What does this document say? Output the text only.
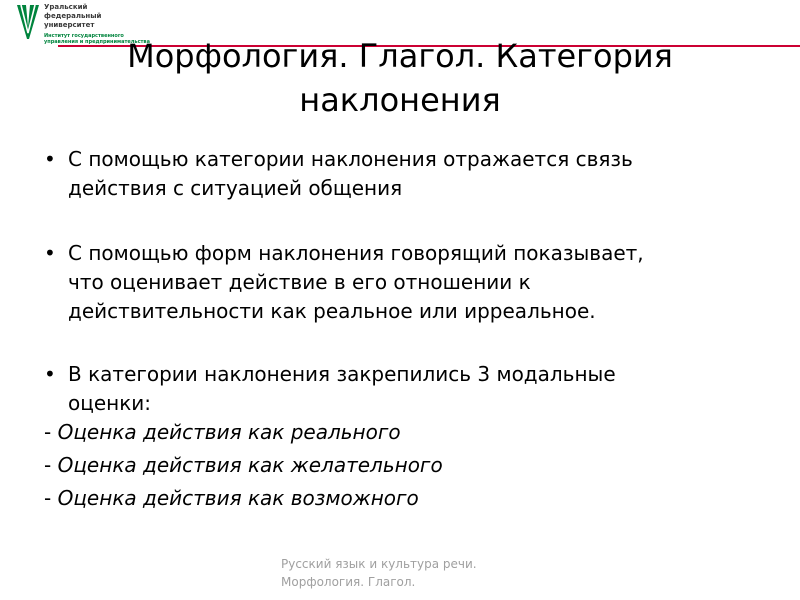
Уральский
федеральный
университет
Институт государственного
управления и предпринимательства
Морфология. Глагол. Категория
наклонения
• С помощью категории наклонения отражается связь
действия с ситуацией общения
• С помощью форм наклонения говорящий показывает,
что оценивает действие в его отношении к
действительности как реальное или ирреальное.
• В категории наклонения закрепились 3 модальные
оценки:
- Оценка действия как реального
- Оценка действия как желательного
- Оценка действия как возможного
Русский язык и культура речи.
Морфология. Глагол.
